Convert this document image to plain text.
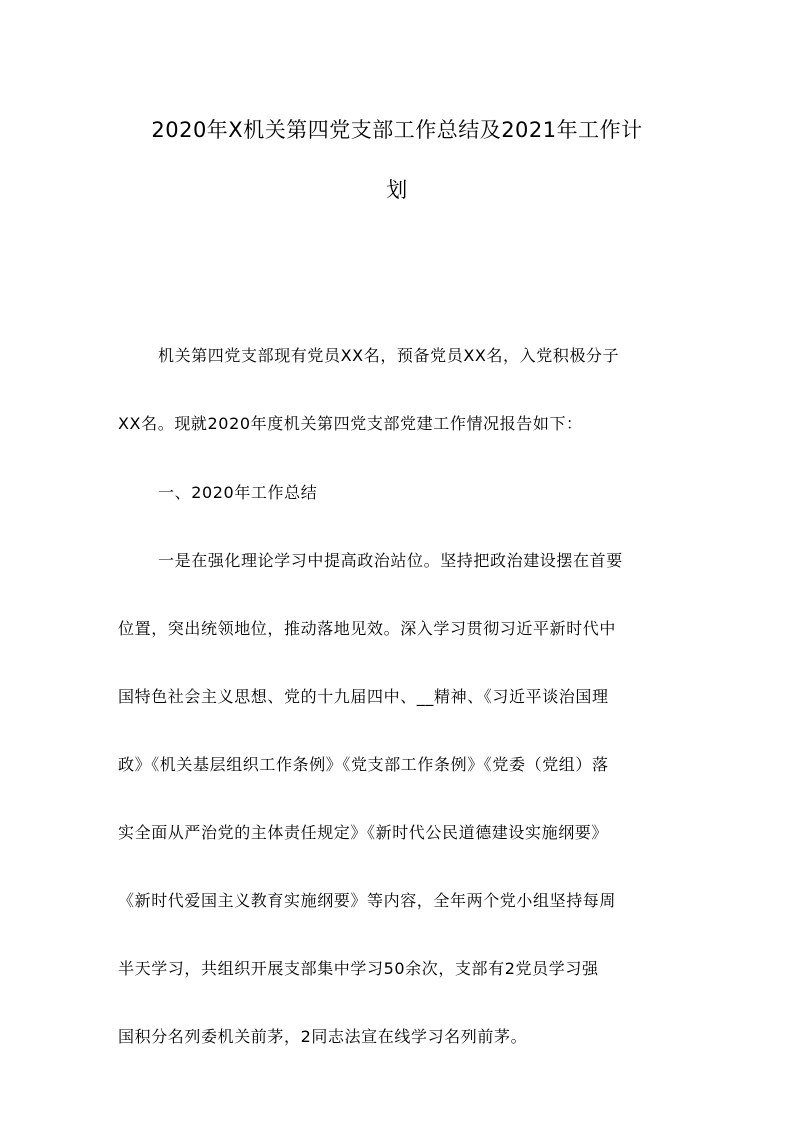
2020年X机关第四党支部工作总结及2021年工作计
划
机关第四党支部现有党员XX名，预备党员XX名，入党积极分子
XX名。现就2020年度机关第四党支部党建工作情况报告如下：
一、2020年工作总结
一是在强化理论学习中提高政治站位。坚持把政治建设摆在首要
位置，突出统领地位，推动落地见效。深入学习贯彻习近平新时代中
国特色社会主义思想、党的十九届四中、__精神、《习近平谈治国理
政》《机关基层组织工作条例》《党支部工作条例》《党委（党组）落
实全面从严治党的主体责任规定》《新时代公民道德建设实施纲要》
《新时代爱国主义教育实施纲要》等内容，全年两个党小组坚持每周
半天学习，共组织开展支部集中学习50余次，支部有2党员学习强
国积分名列委机关前茅，2同志法宣在线学习名列前茅。
